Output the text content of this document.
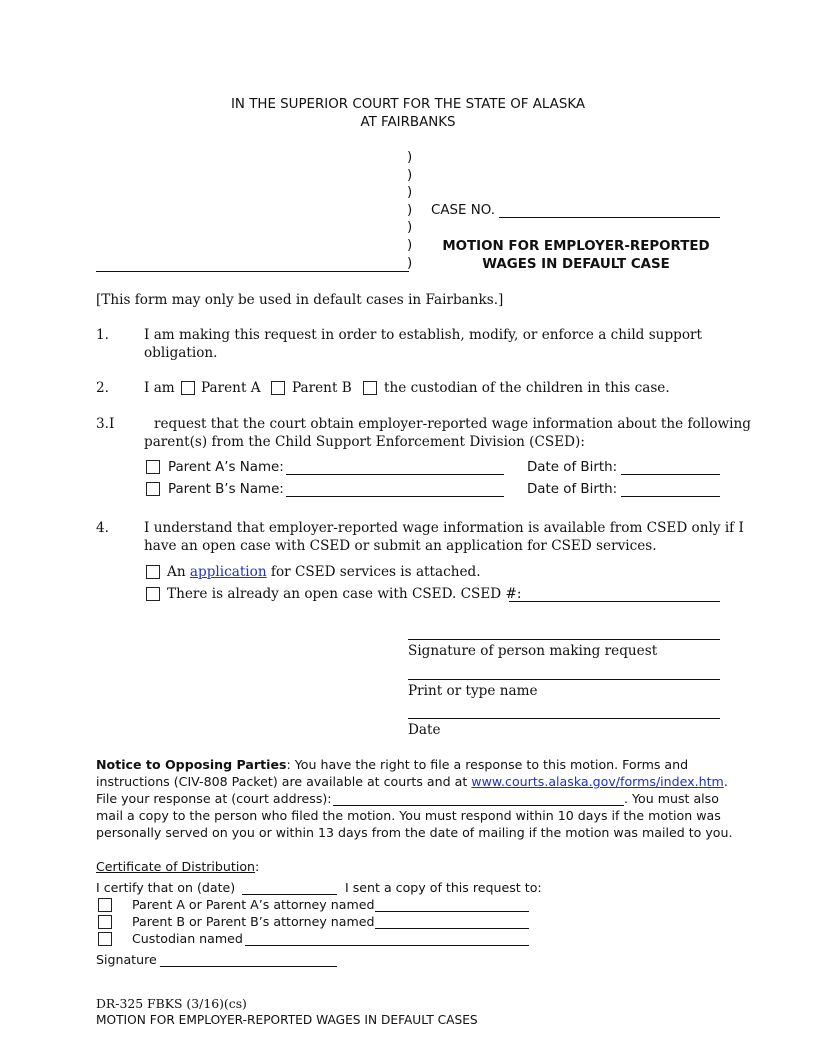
IN THE SUPERIOR COURT FOR THE STATE OF ALASKA
AT FAIRBANKS
)
)
)
)
)
)
)
CASE NO.
MOTION FOR EMPLOYER-REPORTED
WAGES IN DEFAULT CASE
[This form may only be used in default cases in Fairbanks.]
1.	I am making this request in order to establish, modify, or enforce a child support
obligation.
2.	I am Parent A Parent B the custodian of the children in this case.
3.I	request that the court obtain employer-reported wage information about the following
parent(s) from the Child Support Enforcement Division (CSED):
Parent A’s Name:	Date of Birth:
Parent B’s Name:	Date of Birth:
4.	I understand that employer-reported wage information is available from CSED only if I
have an open case with CSED or submit an application for CSED services.
An application for CSED services is attached.
There is already an open case with CSED. CSED #:
Signature of person making request
Print or type name
Date
Notice to Opposing Parties: You have the right to file a response to this motion. Forms and
instructions (CIV-808 Packet) are available at courts and at www.courts.alaska.gov/forms/index.htm.
File your response at (court address):	. You must also
mail a copy to the person who filed the motion. You must respond within 10 days if the motion was
personally served on you or within 13 days from the date of mailing if the motion was mailed to you.
Certificate of Distribution:
I certify that on (date)	I sent a copy of this request to:
Parent A or Parent A’s attorney named
Parent B or Parent B’s attorney named
Custodian named
Signature
DR-325 FBKS (3/16)(cs)
MOTION FOR EMPLOYER-REPORTED WAGES IN DEFAULT CASES
